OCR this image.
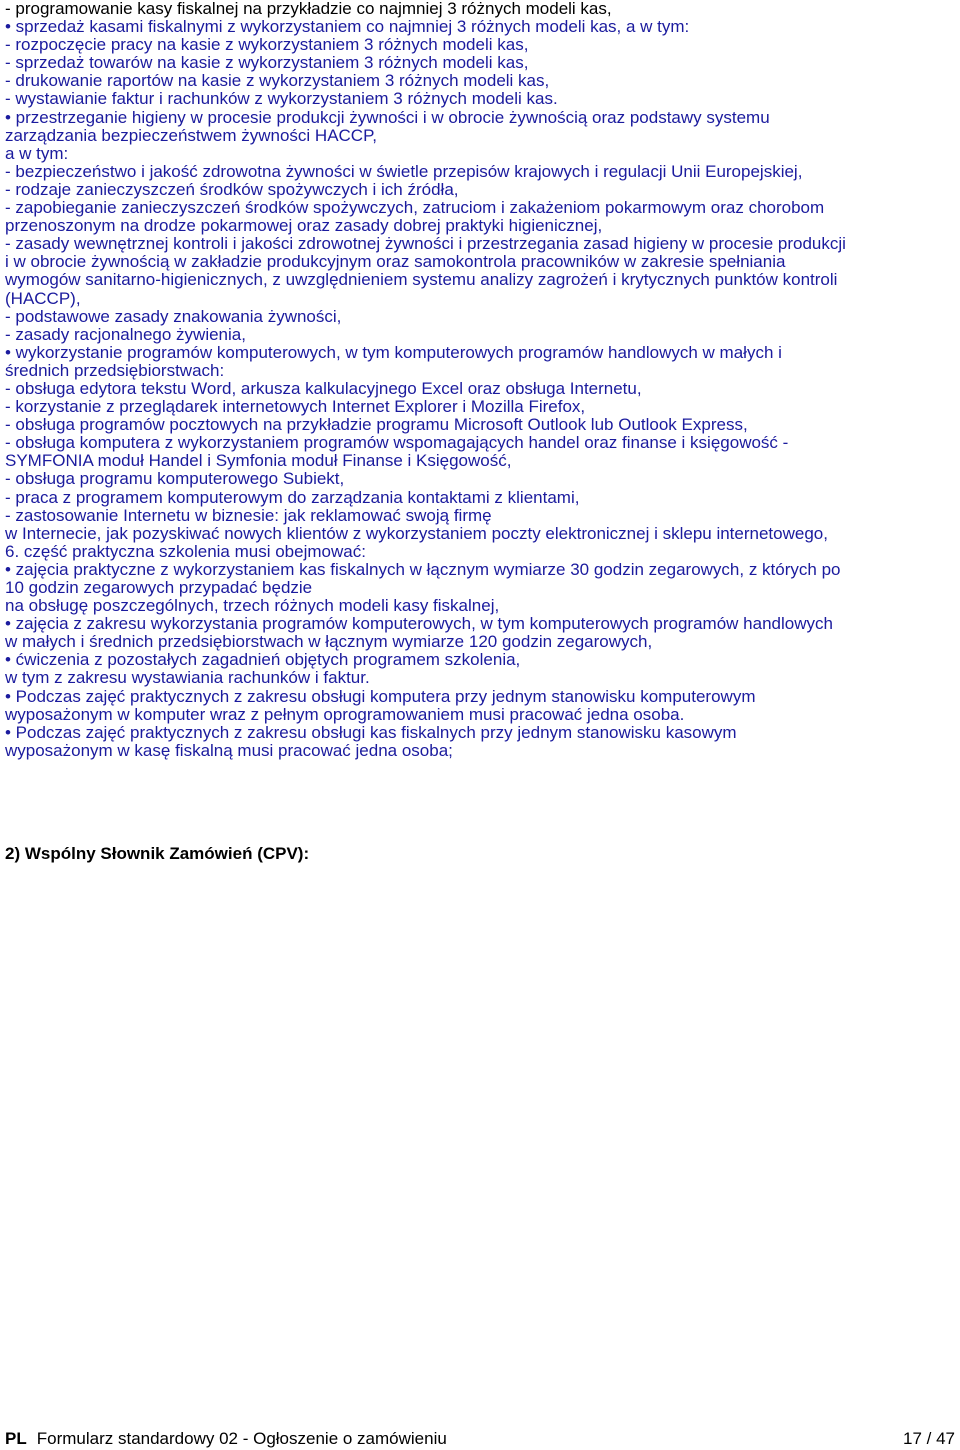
- programowanie kasy fiskalnej na przykładzie co najmniej 3 różnych modeli kas,
• sprzedaż kasami fiskalnymi z wykorzystaniem co najmniej 3 różnych modeli kas, a w tym:
- rozpoczęcie pracy na kasie z wykorzystaniem 3 różnych modeli kas,
- sprzedaż towarów na kasie z wykorzystaniem 3 różnych modeli kas,
- drukowanie raportów na kasie z wykorzystaniem 3 różnych modeli kas,
- wystawianie faktur i rachunków z wykorzystaniem 3 różnych modeli kas.
• przestrzeganie higieny w procesie produkcji żywności i w obrocie żywnością oraz podstawy systemu
zarządzania bezpieczeństwem żywności HACCP,
a w tym:
- bezpieczeństwo i jakość zdrowotna żywności w świetle przepisów krajowych i regulacji Unii Europejskiej,
- rodzaje zanieczyszczeń środków spożywczych i ich źródła,
- zapobieganie zanieczyszczeń środków spożywczych, zatruciom i zakażeniom pokarmowym oraz chorobom
przenoszonym na drodze pokarmowej oraz zasady dobrej praktyki higienicznej,
- zasady wewnętrznej kontroli i jakości zdrowotnej żywności i przestrzegania zasad higieny w procesie produkcji
i w obrocie żywnością w zakładzie produkcyjnym oraz samokontrola pracowników w zakresie spełniania
wymogów sanitarno-higienicznych, z uwzględnieniem systemu analizy zagrożeń i krytycznych punktów kontroli
(HACCP),
- podstawowe zasady znakowania żywności,
- zasady racjonalnego żywienia,
• wykorzystanie programów komputerowych, w tym komputerowych programów handlowych w małych i
średnich przedsiębiorstwach:
- obsługa edytora tekstu Word, arkusza kalkulacyjnego Excel oraz obsługa Internetu,
- korzystanie z przeglądarek internetowych Internet Explorer i Mozilla Firefox,
- obsługa programów pocztowych na przykładzie programu Microsoft Outlook lub Outlook Express,
- obsługa komputera z wykorzystaniem programów wspomagających handel oraz finanse i księgowość -
SYMFONIA moduł Handel i Symfonia moduł Finanse i Księgowość,
- obsługa programu komputerowego Subiekt,
- praca z programem komputerowym do zarządzania kontaktami z klientami,
- zastosowanie Internetu w biznesie: jak reklamować swoją firmę
w Internecie, jak pozyskiwać nowych klientów z wykorzystaniem poczty elektronicznej i sklepu internetowego,
6. część praktyczna szkolenia musi obejmować:
• zajęcia praktyczne z wykorzystaniem kas fiskalnych w łącznym wymiarze 30 godzin zegarowych, z których po
10 godzin zegarowych przypadać będzie
na obsługę poszczególnych, trzech różnych modeli kasy fiskalnej,
• zajęcia z zakresu wykorzystania programów komputerowych, w tym komputerowych programów handlowych
w małych i średnich przedsiębiorstwach w łącznym wymiarze 120 godzin zegarowych,
• ćwiczenia z pozostałych zagadnień objętych programem szkolenia,
w tym z zakresu wystawiania rachunków i faktur.
• Podczas zajęć praktycznych z zakresu obsługi komputera przy jednym stanowisku komputerowym
wyposażonym w komputer wraz z pełnym oprogramowaniem musi pracować jedna osoba.
• Podczas zajęć praktycznych z zakresu obsługi kas fiskalnych przy jednym stanowisku kasowym
wyposażonym w kasę fiskalną musi pracować jedna osoba;
2) Wspólny Słownik Zamówień (CPV):
PL Formularz standardowy 02 - Ogłoszenie o zamówieniu	17 / 47
